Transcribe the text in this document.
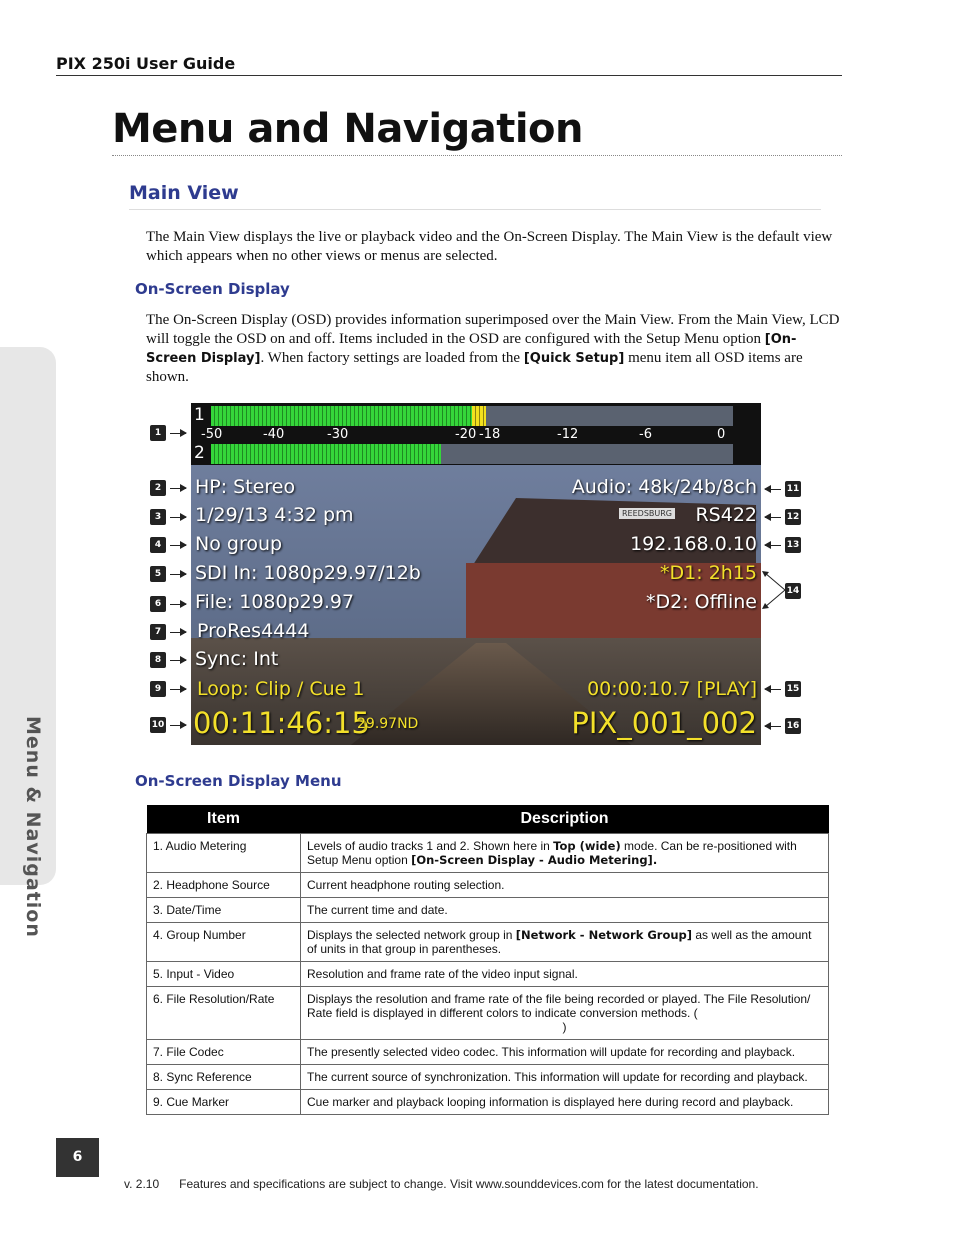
PIX 250i User Guide
Menu and Navigation
Main View
The Main View displays the live or playback video and the On-Screen Display. The Main View is the default view which appears when no other views or menus are selected.
On-Screen Display
The On-Screen Display (OSD) provides information superimposed over the Main View. From the Main View, LCD will toggle the OSD on and off. Items included in the OSD are configured with the Setup Menu option [On-Screen Display]. When factory settings are loaded from the [Quick Setup] menu item all OSD items are shown.
Menu & Navigation
REEDSBURG
1
2
-50	-40	-30	-20 -18	-12	-6	0
HP: Stereo
1/29/13 4:32 pm
No group
SDI In: 1080p29.97/12b
File: 1080p29.97
ProRes4444
Sync: Int
Loop: Clip / Cue 1
00:11:46:15
29.97ND
Audio: 48k/24b/8ch
RS422
192.168.0.10
*D1: 2h15
*D2: Offline
00:00:10.7 [PLAY]
PIX_001_002
1
2
3
4
5
6
7
8
9
10
11
12
13
14
15
16
On-Screen Display Menu
Item	Description
1. Audio Metering	Levels of audio tracks 1 and 2. Shown here in Top (wide) mode. Can be re-positioned with Setup Menu option [On-Screen Display - Audio Metering].
2. Headphone Source	Current headphone routing selection.
3. Date/Time	The current time and date.
4. Group Number	Displays the selected network group in [Network - Network Group] as well as the amount of units in that group in parentheses.
5. Input - Video	Resolution and frame rate of the video input signal.
6. File Resolution/Rate	Displays the resolution and frame rate of the file being recorded or played. The File Resolution/ Rate field is displayed in different colors to indicate conversion methods. (

)

7. File Codec	The presently selected video codec. This information will update for recording and playback.
8. Sync Reference	The current source of synchronization. This information will update for recording and playback.
9. Cue Marker	Cue marker and playback looping information is displayed here during record and playback.
6
v. 2.10 Features and specifications are subject to change. Visit www.sounddevices.com for the latest documentation.
